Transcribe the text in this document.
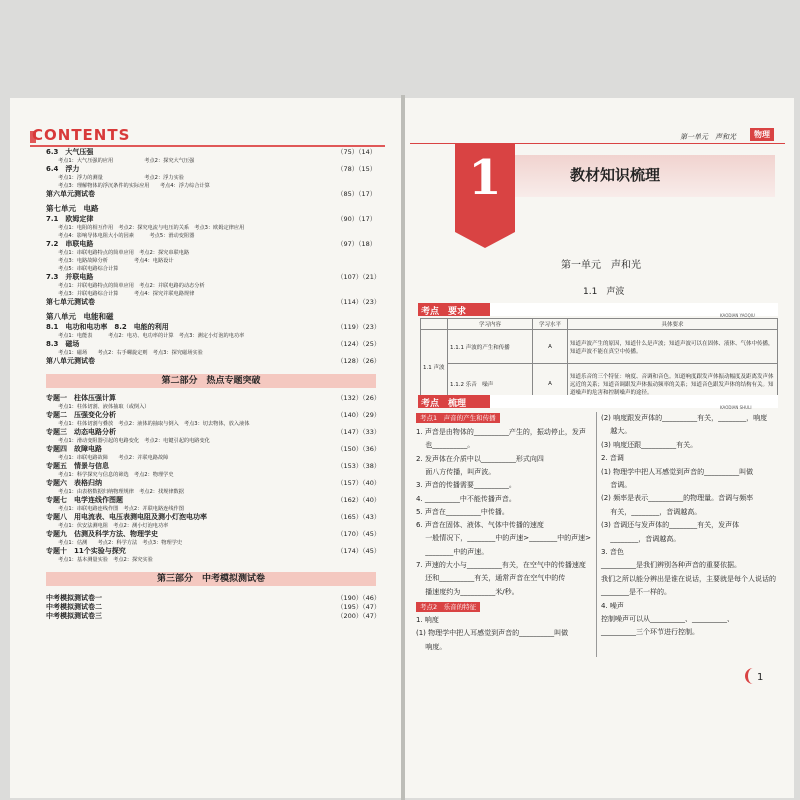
CONTENTS	第一单元　声和光	物理
1	教材知识梳理
第一单元　声和光
1.1　声波
考点　要求	KAODIAN YAOQIU
	学习内容	学习水平	具体要求
1.1 声波	1.1.1 声波的产生和传播	A	知道声波产生的原因，知道什么是声波；知道声波可以在固体、液体、气体中传播，知道声波不能在真空中传播。
	1.1.2 乐音　噪声	A	知道乐音的三个特征：响度、音调和音色。知道响度跟发声体振动幅度及距离发声体远近的关系；知道音调跟发声体振动频率的关系；知道音色跟发声体的结构有关。知道噪声的危害和控制噪声的途径。
考点　梳理	KAODIAN SHULI
考点1　声音的产生和传播
考点2　乐音的特征
1
6.3　大气压强	（75）（14）
考点1：大气压强的应用　　　　　　考点2：探究大气压强
6.4　浮力	（78）（15）
考点1：浮力的测量　　　　　　　　考点2：浮力实验
考点3：理解物体的浮沉条件的实际应用　　考点4：浮力综合计算
第六单元测试卷	（85）（17）
第七单元　电路
7.1　欧姆定律	（90）（17）
考点1：电阻的相互作用　考点2：探究电流与电压的关系　考点3：欧姆定律应用
考点4：影响导体电阻大小的因素　　　考点5：滑动变阻器
7.2　串联电路	（97）（18）
考点1：串联电路特点的简单应用　考点2：探究串联电路
考点3：电路故障分析　　　　　考点4：电路设计
考点5：串联电路综合计算
7.3　并联电路	（107）（21）
考点1：并联电路特点的简单应用　考点2：并联电路的动态分析
考点3：并联电路综合计算　　　考点4：探究并联电路规律
第七单元测试卷	（114）（23）
第八单元　电能和磁
8.1　电功和电功率　8.2　电能的利用	（119）（23）
考点1：电能表　　　考点2：电功、电功率的计算　考点3：测定小灯泡的电功率
8.3　磁场	（124）（25）
考点1：磁场　　考点2：右手螺旋定则　考点3：探究磁场实验
第八单元测试卷	（128）（26）
第二部分　热点专题突破
专题一　柱体压强计算	（132）（26）
考点1：柱体切割、液体抽取（或倒入）
专题二　压强变化分析	（140）（29）
考点1：柱体切割与叠放　考点2：液体的抽取与倒入　考点3：切去物体，放入液体
专题三　动态电路分析	（147）（33）
考点1：滑动变阻器引起的电路变化　考点2：电键引起的电路变化
专题四　故障电路	（150）（36）
考点1：串联电路故障　　考点2：并联电路故障
专题五　情景与信息	（153）（38）
考点1：科学探究与信息的筛选　考点2：物理学史
专题六　表格归纳	（157）（40）
考点1：由表格数据归纳物理规律　考点2：找规律数据
专题七　电学连线作图题	（162）（40）
考点1：串联电路连线作图　考点2：并联电路连线作图
专题八　用电流表、电压表测电阻及测小灯泡电功率	（165）（43）
考点1：伏安法测电阻　考点2：测小灯泡电功率
专题九　估测及科学方法、物理学史	（170）（45）
考点1：估测　　考点2：科学方法　考点3：物理学史
专题十　11个实验与探究	（174）（45）
考点1：基本测量实验　考点2：探究实验
第三部分　中考模拟测试卷
中考模拟测试卷一	（190）（46）
中考模拟测试卷二	（195）（47）
中考模拟测试卷三	（200）（47）
1. 声音是由物体的__________产生的，振动停止，发声
　 也__________。
2. 发声体在介质中以__________形式向四
　 面八方传播，叫声波。
3. 声音的传播需要__________。
4. __________中不能传播声音。
5. 声音在__________中传播。
6. 声音在固体、液体、气体中传播的速度
　 一般情况下，________中的声速>________中的声速>
　 ________中的声速。
7. 声速的大小与__________有关，在空气中的传播速度
　 还和__________有关，通常声音在空气中的传
　 播速度约为__________米/秒。
1. 响度
(1) 物理学中把人耳感觉到声音的__________叫做
　 响度。
(2) 响度跟发声体的__________有关，________，响度
　 越大。
(3) 响度还跟__________有关。
2. 音调
(1) 物理学中把人耳感觉到声音的__________叫做
　 音调。
(2) 频率是表示__________的物理量。音调与频率
　 有关，________，音调越高。
(3) 音调还与发声体的________有关，发声体
　 ________，音调越高。
3. 音色
__________是我们辨别各种声音的重要依据。
我们之所以能分辨出是谁在说话，主要就是每个人说话的
________是不一样的。
4. 噪声
控制噪声可以从__________、__________、
__________三个环节进行控制。
